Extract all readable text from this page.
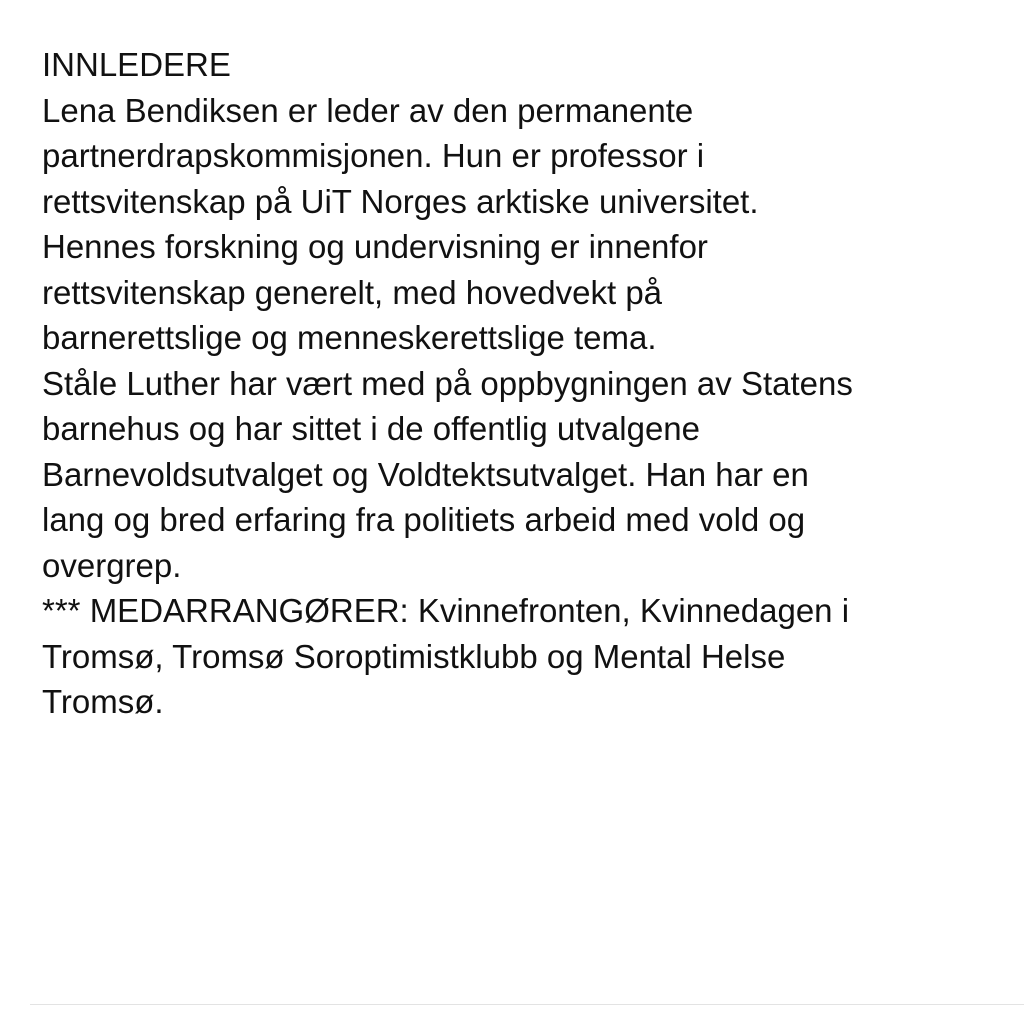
INNLEDERE

Lena Bendiksen er leder av den permanente
partnerdrapskommisjonen. Hun er professor i
rettsvitenskap på UiT Norges arktiske universitet.
Hennes forskning og undervisning er innenfor
rettsvitenskap generelt, med hovedvekt på
barnerettslige og menneskerettslige tema.

Ståle Luther har vært med på oppbygningen av Statens
barnehus og har sittet i de offentlig utvalgene
Barnevoldsutvalget og Voldtektsutvalget. Han har en
lang og bred erfaring fra politiets arbeid med vold og
overgrep.

*** MEDARRANGØRER: Kvinnefronten, Kvinnedagen i
Tromsø, Tromsø Soroptimistklubb og Mental Helse
Tromsø.
